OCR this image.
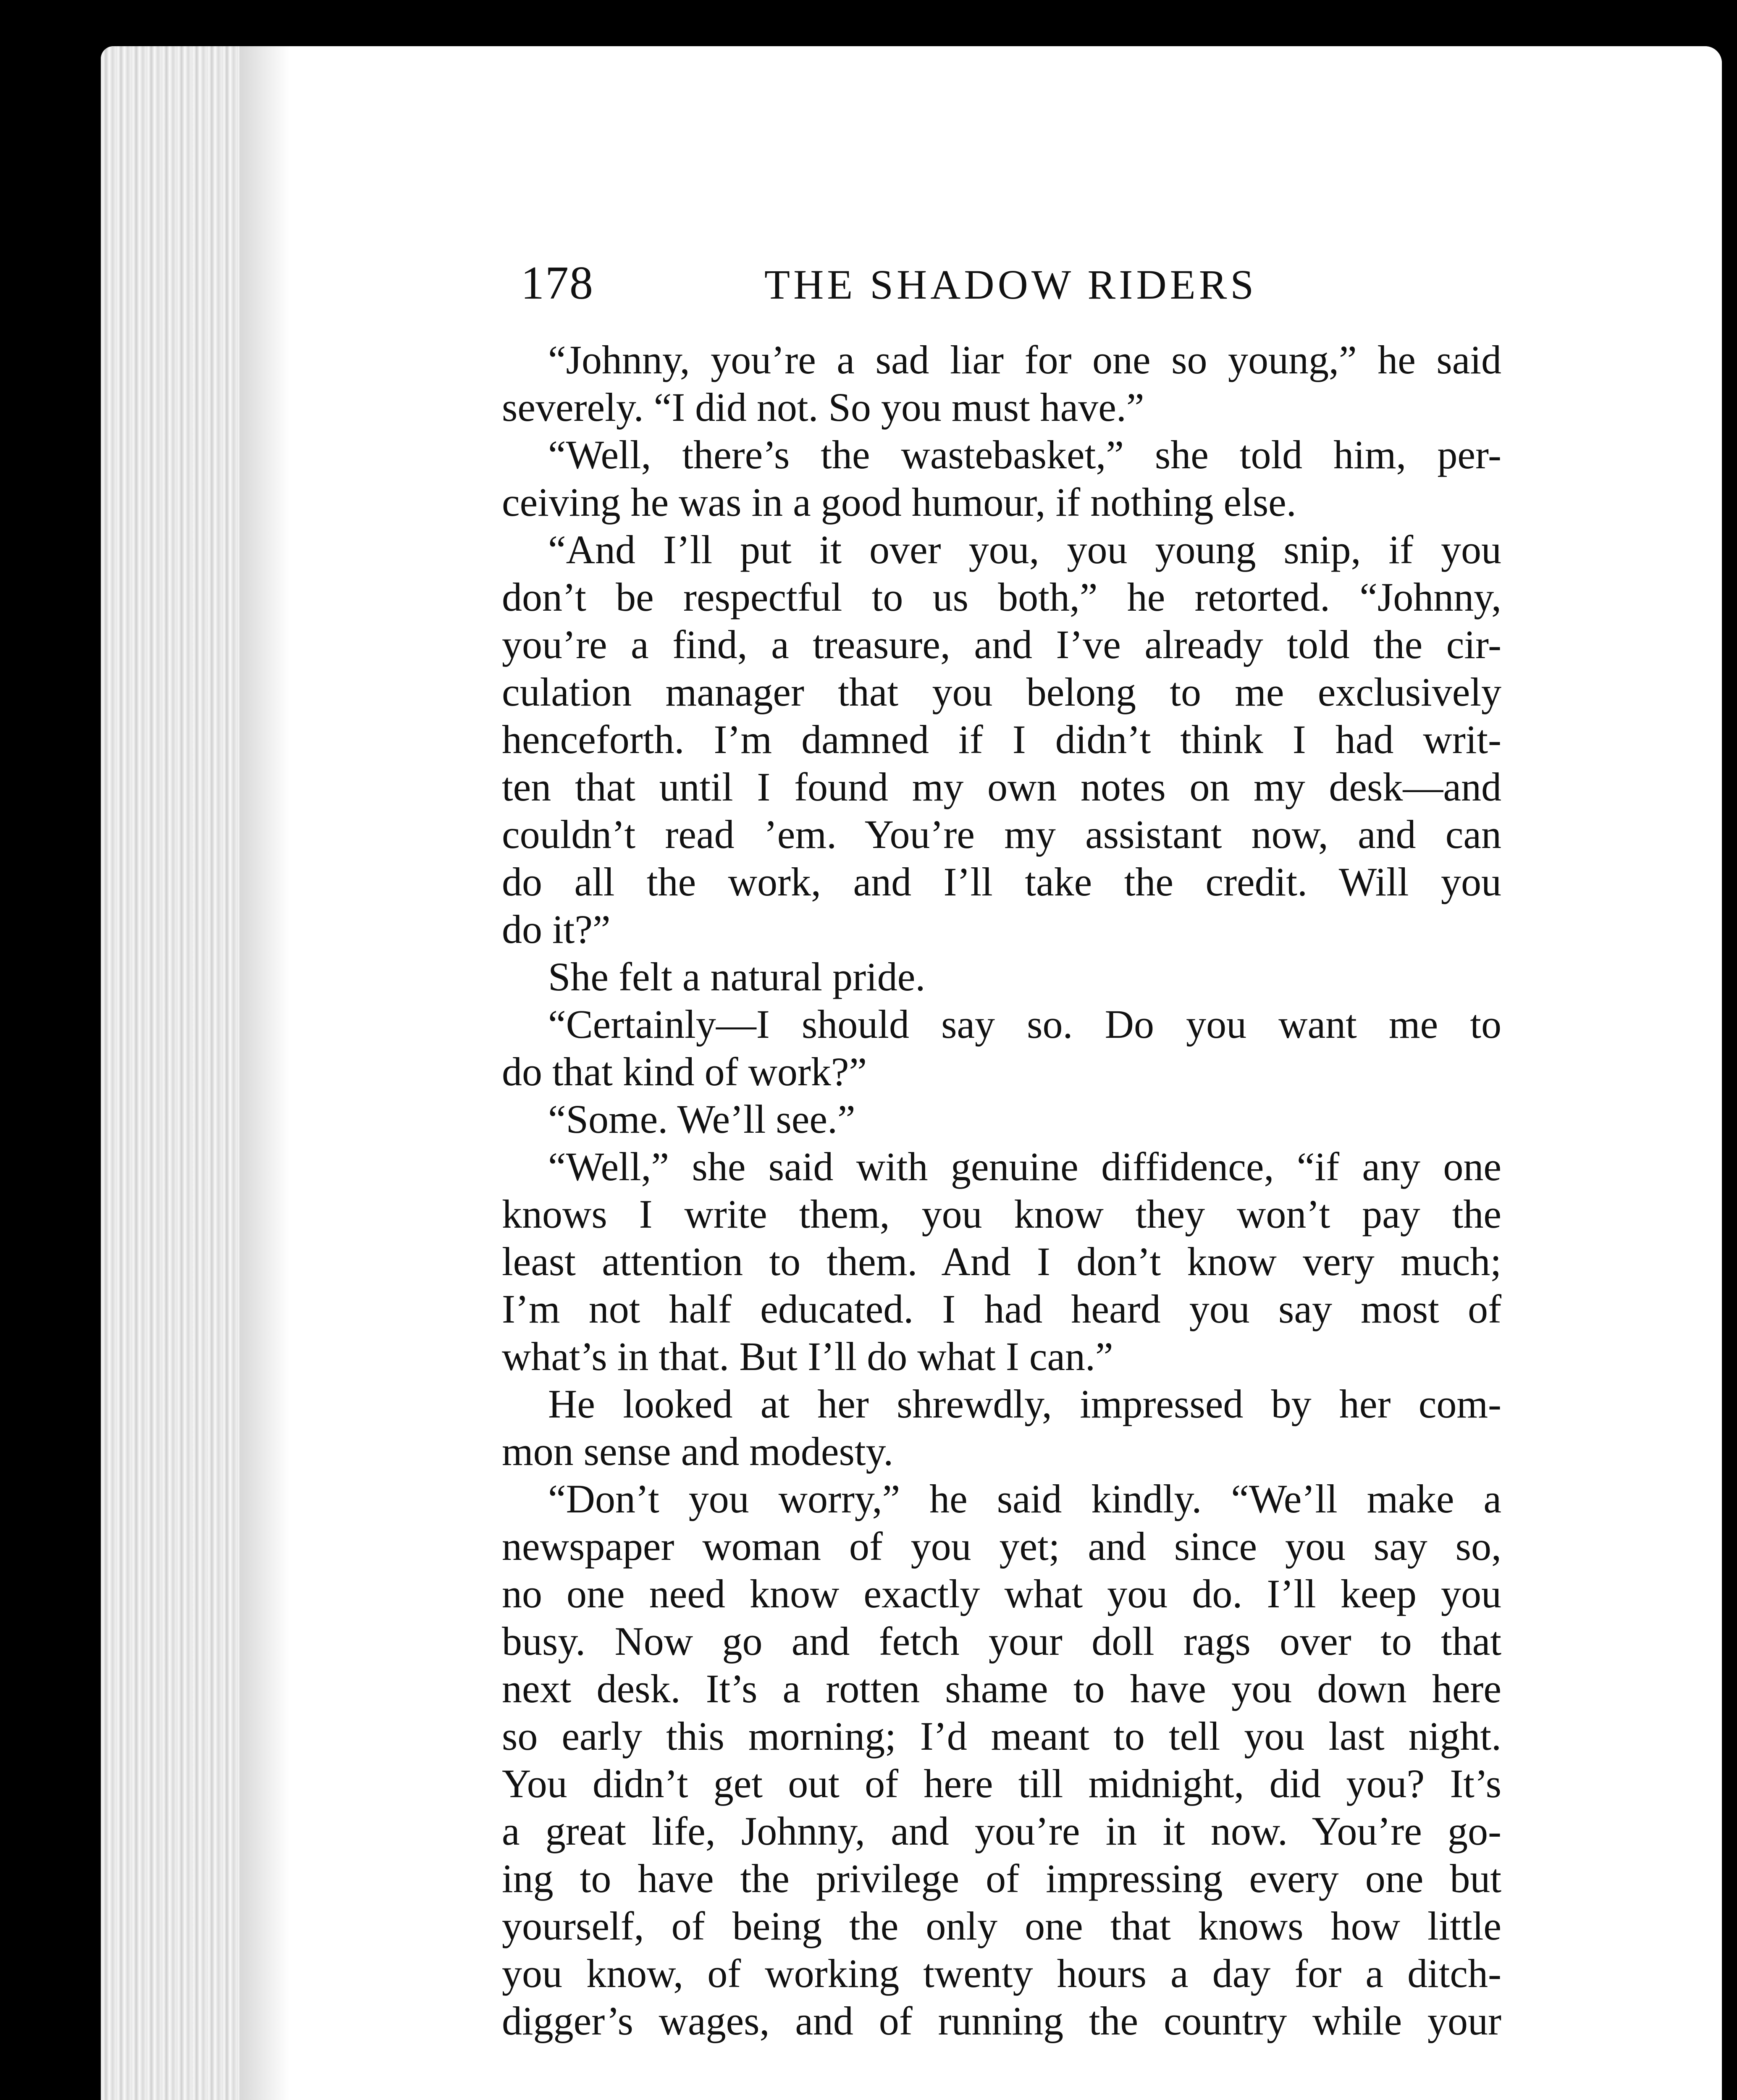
178	THE SHADOW RIDERS
“Johnny, you’re a sad liar for one so young,” he said
severely. “I did not. So you must have.”
“Well, there’s the wastebasket,” she told him, per-
ceiving he was in a good humour, if nothing else.
“And I’ll put it over you, you young snip, if you
don’t be respectful to us both,” he retorted. “Johnny,
you’re a find, a treasure, and I’ve already told the cir-
culation manager that you belong to me exclusively
henceforth. I’m damned if I didn’t think I had writ-
ten that until I found my own notes on my desk—and
couldn’t read ’em. You’re my assistant now, and can
do all the work, and I’ll take the credit. Will you
do it?”
She felt a natural pride.
“Certainly—I should say so. Do you want me to
do that kind of work?”
“Some. We’ll see.”
“Well,” she said with genuine diffidence, “if any one
knows I write them, you know they won’t pay the
least attention to them. And I don’t know very much;
I’m not half educated. I had heard you say most of
what’s in that. But I’ll do what I can.”
He looked at her shrewdly, impressed by her com-
mon sense and modesty.
“Don’t you worry,” he said kindly. “We’ll make a
newspaper woman of you yet; and since you say so,
no one need know exactly what you do. I’ll keep you
busy. Now go and fetch your doll rags over to that
next desk. It’s a rotten shame to have you down here
so early this morning; I’d meant to tell you last night.
You didn’t get out of here till midnight, did you? It’s
a great life, Johnny, and you’re in it now. You’re go-
ing to have the privilege of impressing every one but
yourself, of being the only one that knows how little
you know, of working twenty hours a day for a ditch-
digger’s wages, and of running the country while your
